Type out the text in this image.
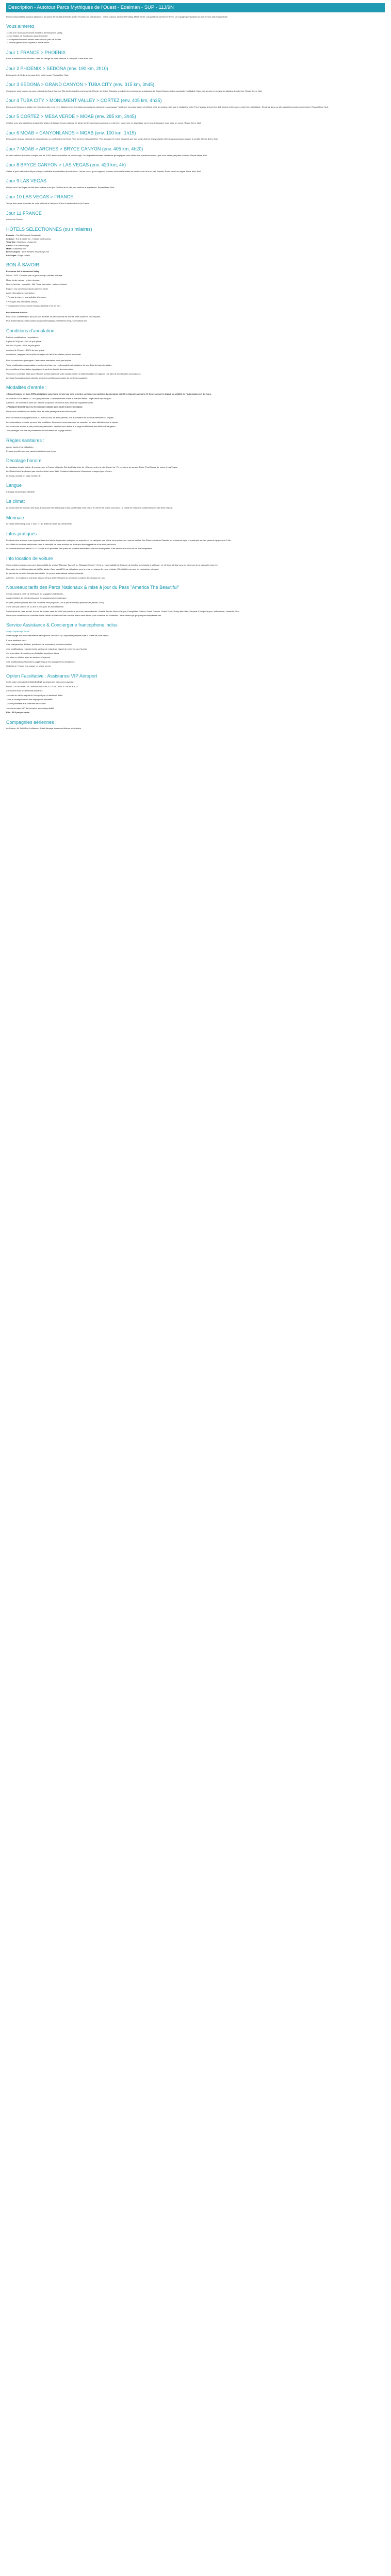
Description - Autotour Parcs Mythiques de l'Ouest - Edelman - SUP - 11J/9N

Des incontournables aux plus atypiques, les parcs de l'Ouest américain sont à l'honneur de cet autotour : Grand Canyon, Monument Valley, Mesa Verde, Canyonlands, Arches et Bryce. Un voyage spectaculaire au cœur d'une nature grandiose.

Vous aimerez
- Le tour en 4x4 dans le désert ancestral de Monument Valley
- Les 2 étapes de 2 nuits pour plus de confort
- Les impressionnantes arches naturelles du parc de Arches
- L'histoire gravée dans la pierre à Mesa Verde
Jour 1 FRANCE > PHOENIX

Envol à destination de Phoenix. Prise en charge de votre véhicule à l'aéroport. Dîner libre. Nuit.

Jour 2 PHOENIX > SEDONA (env. 190 km, 2h10)

Découverte de Sedona, le pays de la roche rouge. Repas libre. Nuit.

Jour 3 SEDONA > GRAND CANYON > TUBA CITY (env. 315 km, 3h45)

Consacrez votre journée au parc national du Grand Canyon. Elle tient lui-seul la promesse de l'Ouest : la rivière Colorado a sculpté des profondeurs grandioses. Le Grand Canyon est un spectacle inoubliable. Dans des gorges immenses les falaises de colorées. Repas libres. Nuit.

Jour 4 TUBA CITY > MONUMENT VALLEY > CORTEZ (env. 405 km, 4h35)

Découvrez Monument Valley, terre immémoriale et de rêve. Attachements formations géologiques. Admirez ces paysages "westerns" incontournables et célèbre cette à mondes entier par le réalisateur John Ford. Montez à bord d'un 4x4 (inclus) et découvrez cette terre scintillante. Repartez dans ce site naturel (excursion non incluse). Repas libres. Nuit.

Jour 5 CORTEZ > MESA VERDE > MOAB (env. 285 km, 3h45)

Célèbre pour ses habitations troglodytes à flanc de falaise, le parc national de Mesa Verde vous impressionnera. Le site d'un "Apprenez en davantage sur le peuple Anasazi. Vous ferez un survol. Repas libres. Nuit.

Jour 6 MOAB > CANYONLANDS > MOAB (env. 100 km, 1h15)

Découverte du parc national de Canyonlands, ou confluent de la Green River et de la Colorado River. Plus sauvage et moins fréquenté que son voisin Arches, Canyonlands offre des panoramas à couper le souffle. Repas libres. Nuit.

Jour 7 MOAB > ARCHES > BRYCE CANYON (env. 405 km, 4h20)

Le parc national de Arches compte plus de 2 000 arches naturelles de roche rouge. Ces impressionnantes formations géologiques vous offriront un spectacle unique, que vous n'êtes pas prêts d'oublier. Repas libres. Nuit.

Jour 8 BRYCE CANYON > LAS VEGAS (env. 420 km, 4h)

Visitez le parc national de Bryce Canyon, véritable amphithéâtre de sculptures. Lueurs roses, grès rouges et l'érosion ont modelé toutes les couleurs de l'arc-en-ciel. Ensuite, Route vers Las Vegas. Dîner libre. Nuit.

Jour 9 LAS VEGAS

Départ vers Las Vegas, la ville des lumières et du jeu. Profitez de la ville, des casinos et spectacles. Repas libres. Nuit.

Jour 10 LAS VEGAS > FRANCE

Temps libre avant la remise de votre véhicule à l'aéroport. Envol à destination de la France.

Jour 11 FRANCE

Arrivée en France.

HÔTELS SÉLECTIONNÉS (ou similaires)
Phoenix : The McCormick Scottsdale
Sedona : The Andante Inn - Holiday Inn Express
Tuba City : Moenkopi Legacy Inn
Cortez : Far View Lodge
Moab : Aarchway Inn
Bryce Canyon : Best Western Plus Ruby's Inn
Las Vegas : Virgin Hotels
BON À SAVOIR

Excursion 4x4 à Monument Valley

Durée : 1h30. Conduite par un guide navajo, entrées incluses.

Mesa Verde incluse : entrée du parc.

Heure d'arrivée : conseillé : 16h. Toute excursion : matinée incluse.

Étapes : les conditions d'accès peuvent varier.

Autre informations importantes :

* Pensez à réserver vos activités à l'avance.

* Prévoyez des vêtements chauds.

* Changement d'heure entre l'Arizona et l'Utah (+1h en été)

Parc National Arches :

Pour 2026, la réservation pour pouvoir accéder au parc national de Arches n'est à présent plus requise.

Plus d'informations : https://www.nps.gov/arch/planyourvisit/timed-entry-reservations.htm

Conditions d'annulation

Frais de modifications / annulation :

À plus de 30 jours : 25% du prix global

De 30 à 15 jours : 50% du prix global

À moins de 15 jours : 100% du prix global

Assistance, bagages, interruption de séjour et frais d'annulation prévus au contrat.

Pour le confort des passagers, l'assurance annulation n'est pas incluse.

Toute modification ou annulation entraîne des frais non remboursables et variables. Ils sont fixés de façon forfaitaire.

Les conditions d'annulation s'appliquent à partir de la date de réservation.

Vous avez un certain délai pour effectuer la réservation de votre autotour selon la réglementation en vigueur. Les frais de modification sont calculés.

Les frais d'annulation sont calculés selon les conditions générales de vente du voyagiste.

Modalités d'entrée :

- Ressortissants en ligne ESTA obligatoire pour toute arrivée par voie terrestre, aérienne ou maritime. La demande doit être déposée au moins 72 heures avant le départ. La validité de l'autorisation est de 2 ans.

Le coût de l'ESTA est de 21 USD par personne. La demande est à faire sur le site officiel : https://esta.cbp.dhs.gov/

Attention : de nombreux sites non officiels proposent ce service avec des frais supplémentaires.

- Passeport biométrique ou électronique valable pour toute la durée du séjour.

Nous vous conseillons de vérifier l'état de votre passeport avant votre départ.

Pour les mineurs voyageant seuls ou avec un seul de leurs parents, une autorisation de sortie du territoire est requise.

Les informations d'entrée peuvent être modifiées. Nous vous recommandons de consulter les sites officiels avant le départ.

Les visas sont soumis à une procédure particulière. Veuillez vous référer à la page du Ministère des Affaires Étrangères.

Tout passager doit être en possession de documents de voyage valides.

Règles sanitaires :

Aucun vaccin n'est obligatoire.

Pensez à vérifier que vos vaccins habituels sont à jour.

Décalage horaire

Le décalage horaire est de -8 heures entre la France et la côte Est des États-Unis, de -9 heures entre la côte Ouest, de -7h. Le même temps que Paris. C'est l'heure de moins à Las Vegas.

Les États-Unis n'appliquent pas tous le même heure d'été. Certains états comme l'Arizona ne changent pas d'heure.

Le fuseau horaire en Utah est GMT-6.

Langue

L'anglais est la langue officielle.

Le climat

Le climat varie en fonction des états. En Arizona l'été est chaud et sec, au Nevada il fait chaud en été et les hivers sont doux. Le climat de l'Utah est continental avec des étés chauds.

Monnaie

Le dollar américain (USD). 1 euro = 1,17 dollar (en date du 23/04/2026).

Infos pratiques

Pendant votre autotour, vous logerez dans des hôtels de première catégorie ou supérieure. La catégorie des hôtels est exprimée en normes locales. Aux États-Unis et au Canada, les chambres triple et quadruple sont en général équipées de 2 lits.

Les hôtels et services mentionnés dans le descriptif de votre autotour ne sont que des suggestions et ne sont pas inclus.

Le courant électrique est de 110-115 volts et 60 périodes. Les prises de courant américaines ont des fiches plates, il est nécessaire de se munir d'un adaptateur.

Info location de voiture

Chez certains loueurs, vous avez la possibilité de choisir "Manager Special" ou "Manager Choice". C'est la responsabilité de l'agence de location qui choisira le véhicule. Le véhicule attribué sera au minimum de la catégorie réservée.

Une carte de crédit internationale (VISA, Master Card ou AMEX) est obligatoire pour la prise en charge de votre véhicule. Elle doit être au nom du conducteur principal.

Le permis de conduire français est valable. Un permis international est recommandé.

Attention : le conducteur doit avoir plus de 25 ans et être titulaire du permis de conduire depuis plus de 1 an.

Nouveaux tarifs des Parcs Nationaux & mise à jour du Pass "America The Beautiful"

Ce qui change à partir de 2026 pour les voyageurs individuels :

• Augmentation du prix du pass pour les voyageurs internationaux.

Le pass (annuel) délivré aux non-résidents sera proposé à 250 $ par véhicule (à partir du 1er janvier 2026).

• Une taxe par visiteur de 11 ans et plus pour les non-résidents.

Sans l'achat du pass annuel, le cout de l'entrée sera de 100 $ par personne pour les parcs suivants : Acadia, Arches, Bryce Canyon, Everglades, Glacier, Grand Canyon, Grand Teton, Rocky Mountain, Sequoia & Kings Canyon, Yellowstone, Yosemite, Zion.

Nous vous conseillons de consulter le site officiel du National Park Service avant votre départ pour connaître les modalités : https://www.nps.gov/planyourvisit/passes.htm

Service Assistance & Conciergerie francophone inclus

Abaqo Dépannage Inclus

Votre voyage inclut une assistance francophone 24h/24 et 7j/7 disponible pendant toute la durée de votre séjour :

Il vous assistera pour :

• les changements d'hôtels, problèmes de réservation, en toutes familles

• les modifications, réajustements, gestion de retards au départ de votre vol ou à l'arrivée

• la réservation de services ou d'activités supplémentaires

• la mise en relation avec les services d'urgence

• les modifications d'itinéraires suggérées par les changements climatiques

Sollicitez-le ! Il vous fera passer un séjour serein.

Option Facultative : Assistance VIP Aéroport

Cette option est valable UNIQUEMENT au départ des aéroports suivants :

PARIS / LYON / NANTES / MARSEILLE / NICE / TOULOUSE ET BORDEAUX

Ce service inclut les éléments suivants :

- Accueil au hall de départ de l'aéroport par un assistant dédié

- Aide à l'enregistrement des bagages et formalités

- Accès prioritaire aux contrôles de sécurité

- Accès au salon VIP de l'aéroport selon disponibilité

Prix : 99 € par personne

Compagnies aériennes

Air France, Air Tahiti Nui, Lufthansa, British Airways, American Airlines ou similaire.
